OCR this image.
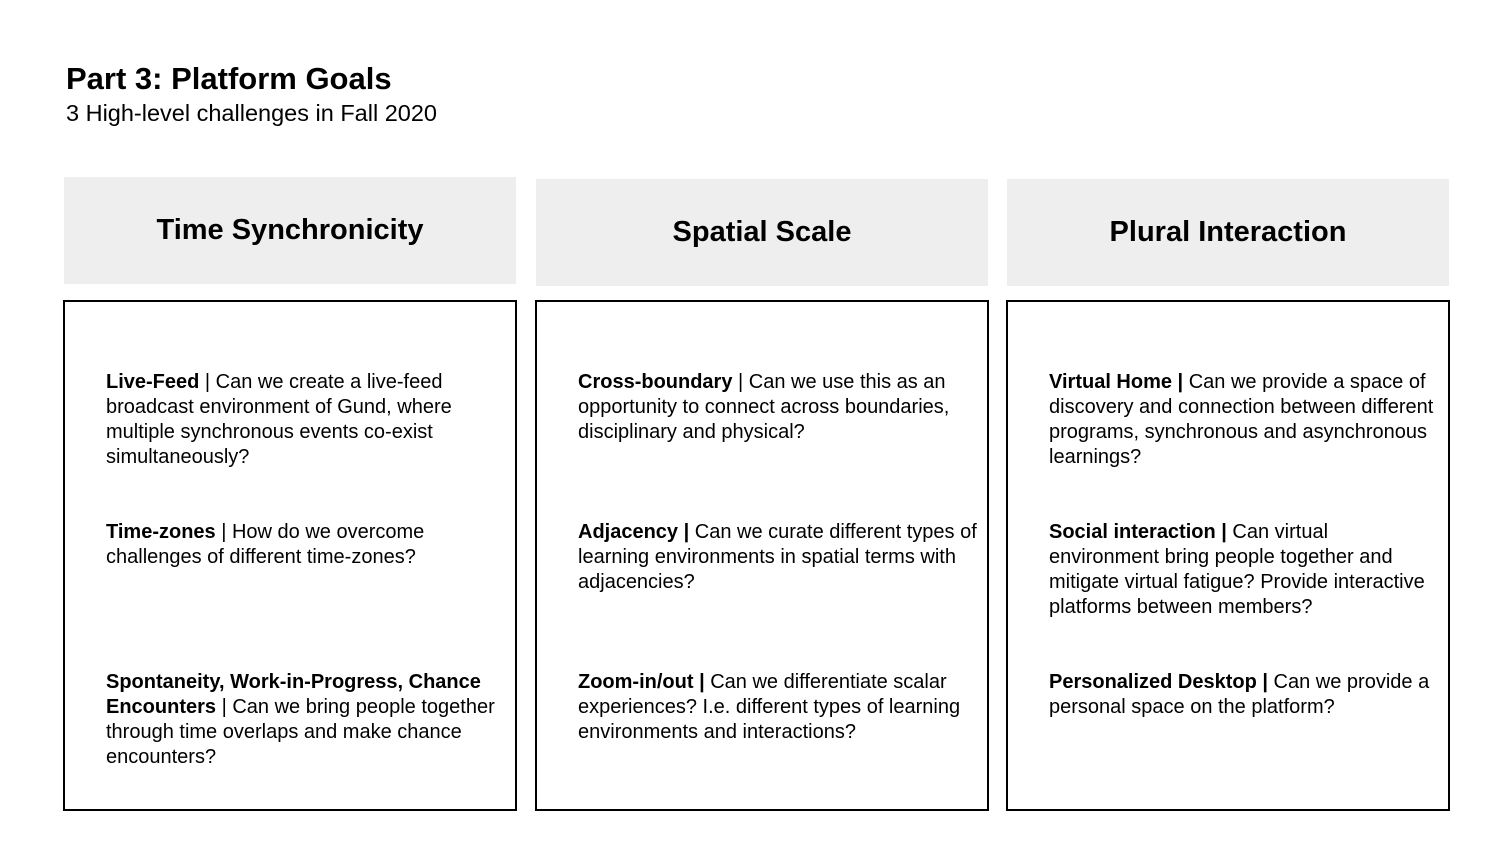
Part 3: Platform Goals
3 High-level challenges in Fall 2020
Time Synchronicity	Spatial Scale	Plural Interaction
Live-Feed | Can we create a live-feed broadcast environment of Gund, where multiple synchronous events co-exist simultaneously?
Time-zones | How do we overcome challenges of different time-zones?
Spontaneity, Work-in-Progress, Chance Encounters | Can we bring people together through time overlaps and make chance encounters?
Cross-boundary | Can we use this as an opportunity to connect across boundaries, disciplinary and physical?
Adjacency | Can we curate different types of learning environments in spatial terms with adjacencies?
Zoom-in/out | Can we differentiate scalar experiences? I.e. different types of learning environments and interactions?
Virtual Home | Can we provide a space of discovery and connection between different programs, synchronous and asynchronous learnings?
Social interaction | Can virtual environment bring people together and mitigate virtual fatigue? Provide interactive platforms between members?
Personalized Desktop | Can we provide a personal space on the platform?
